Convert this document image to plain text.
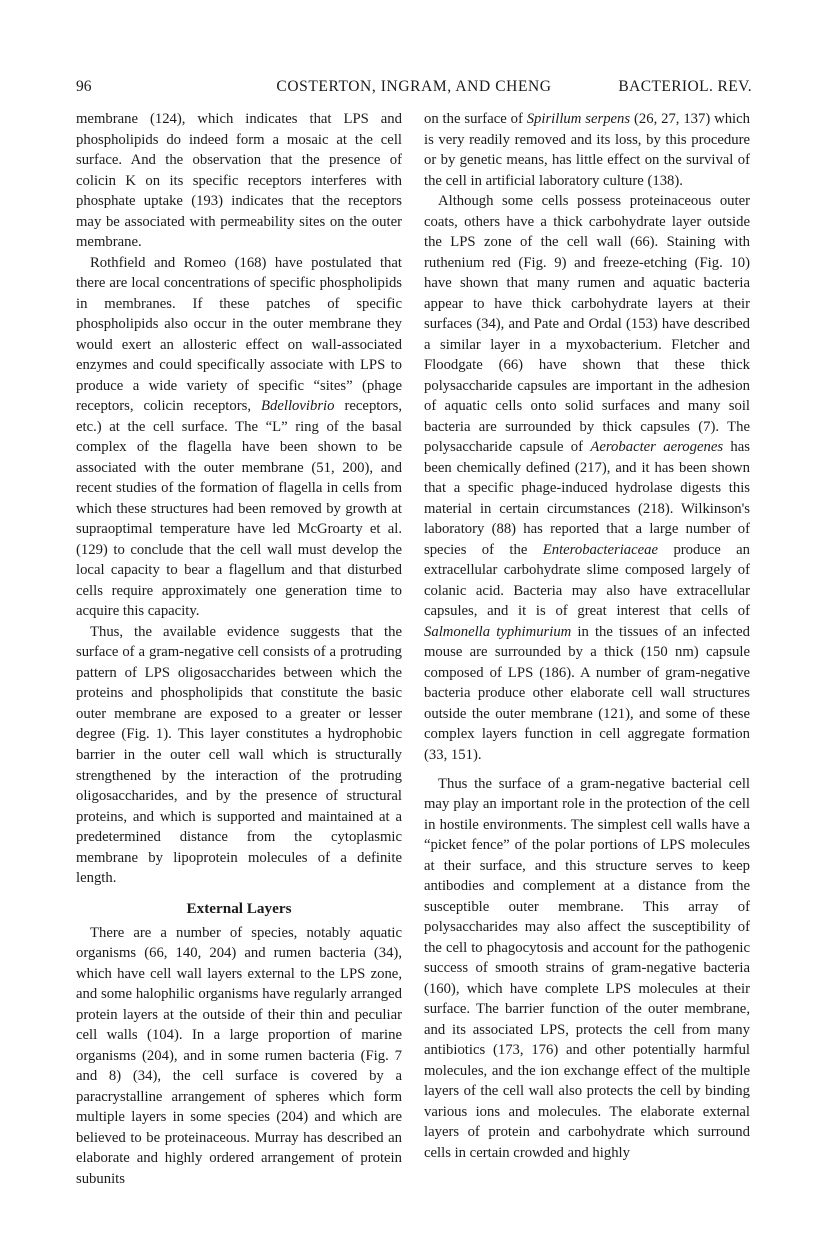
96	COSTERTON, INGRAM, AND CHENG	BACTERIOL. REV.

membrane (124), which indicates that LPS and phospholipids do indeed form a mosaic at the cell surface. And the observation that the presence of colicin K on its specific receptors interferes with phosphate uptake (193) indicates that the receptors may be associated with permeability sites on the outer membrane.

Rothfield and Romeo (168) have postulated that there are local concentrations of specific phospholipids in membranes. If these patches of specific phospholipids also occur in the outer membrane they would exert an allosteric effect on wall-associated enzymes and could specifically associate with LPS to produce a wide variety of specific “sites” (phage receptors, colicin receptors, Bdellovibrio receptors, etc.) at the cell surface. The “L” ring of the basal complex of the flagella have been shown to be associated with the outer membrane (51, 200), and recent studies of the formation of flagella in cells from which these structures had been removed by growth at supraoptimal temperature have led McGroarty et al. (129) to conclude that the cell wall must develop the local capacity to bear a flagellum and that disturbed cells require approximately one generation time to acquire this capacity.

Thus, the available evidence suggests that the surface of a gram-negative cell consists of a protruding pattern of LPS oligosaccharides between which the proteins and phospholipids that constitute the basic outer membrane are exposed to a greater or lesser degree (Fig. 1). This layer constitutes a hydrophobic barrier in the outer cell wall which is structurally strengthened by the interaction of the protruding oligosaccharides, and by the presence of structural proteins, and which is supported and maintained at a predetermined distance from the cytoplasmic membrane by lipoprotein molecules of a definite length.

External Layers

There are a number of species, notably aquatic organisms (66, 140, 204) and rumen bacteria (34), which have cell wall layers external to the LPS zone, and some halophilic organisms have regularly arranged protein layers at the outside of their thin and peculiar cell walls (104). In a large proportion of marine organisms (204), and in some rumen bacteria (Fig. 7 and 8) (34), the cell surface is covered by a paracrystalline arrangement of spheres which form multiple layers in some species (204) and which are believed to be proteinaceous. Murray has described an elaborate and highly ordered arrangement of protein subunits

on the surface of Spirillum serpens (26, 27, 137) which is very readily removed and its loss, by this procedure or by genetic means, has little effect on the survival of the cell in artificial laboratory culture (138).

Although some cells possess proteinaceous outer coats, others have a thick carbohydrate layer outside the LPS zone of the cell wall (66). Staining with ruthenium red (Fig. 9) and freeze-etching (Fig. 10) have shown that many rumen and aquatic bacteria appear to have thick carbohydrate layers at their surfaces (34), and Pate and Ordal (153) have described a similar layer in a myxobacterium. Fletcher and Floodgate (66) have shown that these thick polysaccharide capsules are important in the adhesion of aquatic cells onto solid surfaces and many soil bacteria are surrounded by thick capsules (7). The polysaccharide capsule of Aerobacter aerogenes has been chemically defined (217), and it has been shown that a specific phage-induced hydrolase digests this material in certain circumstances (218). Wilkinson's laboratory (88) has reported that a large number of species of the Enterobacteriaceae produce an extracellular carbohydrate slime composed largely of colanic acid. Bacteria may also have extracellular capsules, and it is of great interest that cells of Salmonella typhimurium in the tissues of an infected mouse are surrounded by a thick (150 nm) capsule composed of LPS (186). A number of gram-negative bacteria produce other elaborate cell wall structures outside the outer membrane (121), and some of these complex layers function in cell aggregate formation (33, 151).

Thus the surface of a gram-negative bacterial cell may play an important role in the protection of the cell in hostile environments. The simplest cell walls have a “picket fence” of the polar portions of LPS molecules at their surface, and this structure serves to keep antibodies and complement at a distance from the susceptible outer membrane. This array of polysaccharides may also affect the susceptibility of the cell to phagocytosis and account for the pathogenic success of smooth strains of gram-negative bacteria (160), which have complete LPS molecules at their surface. The barrier function of the outer membrane, and its associated LPS, protects the cell from many antibiotics (173, 176) and other potentially harmful molecules, and the ion exchange effect of the multiple layers of the cell wall also protects the cell by binding various ions and molecules. The elaborate external layers of protein and carbohydrate which surround cells in certain crowded and highly
